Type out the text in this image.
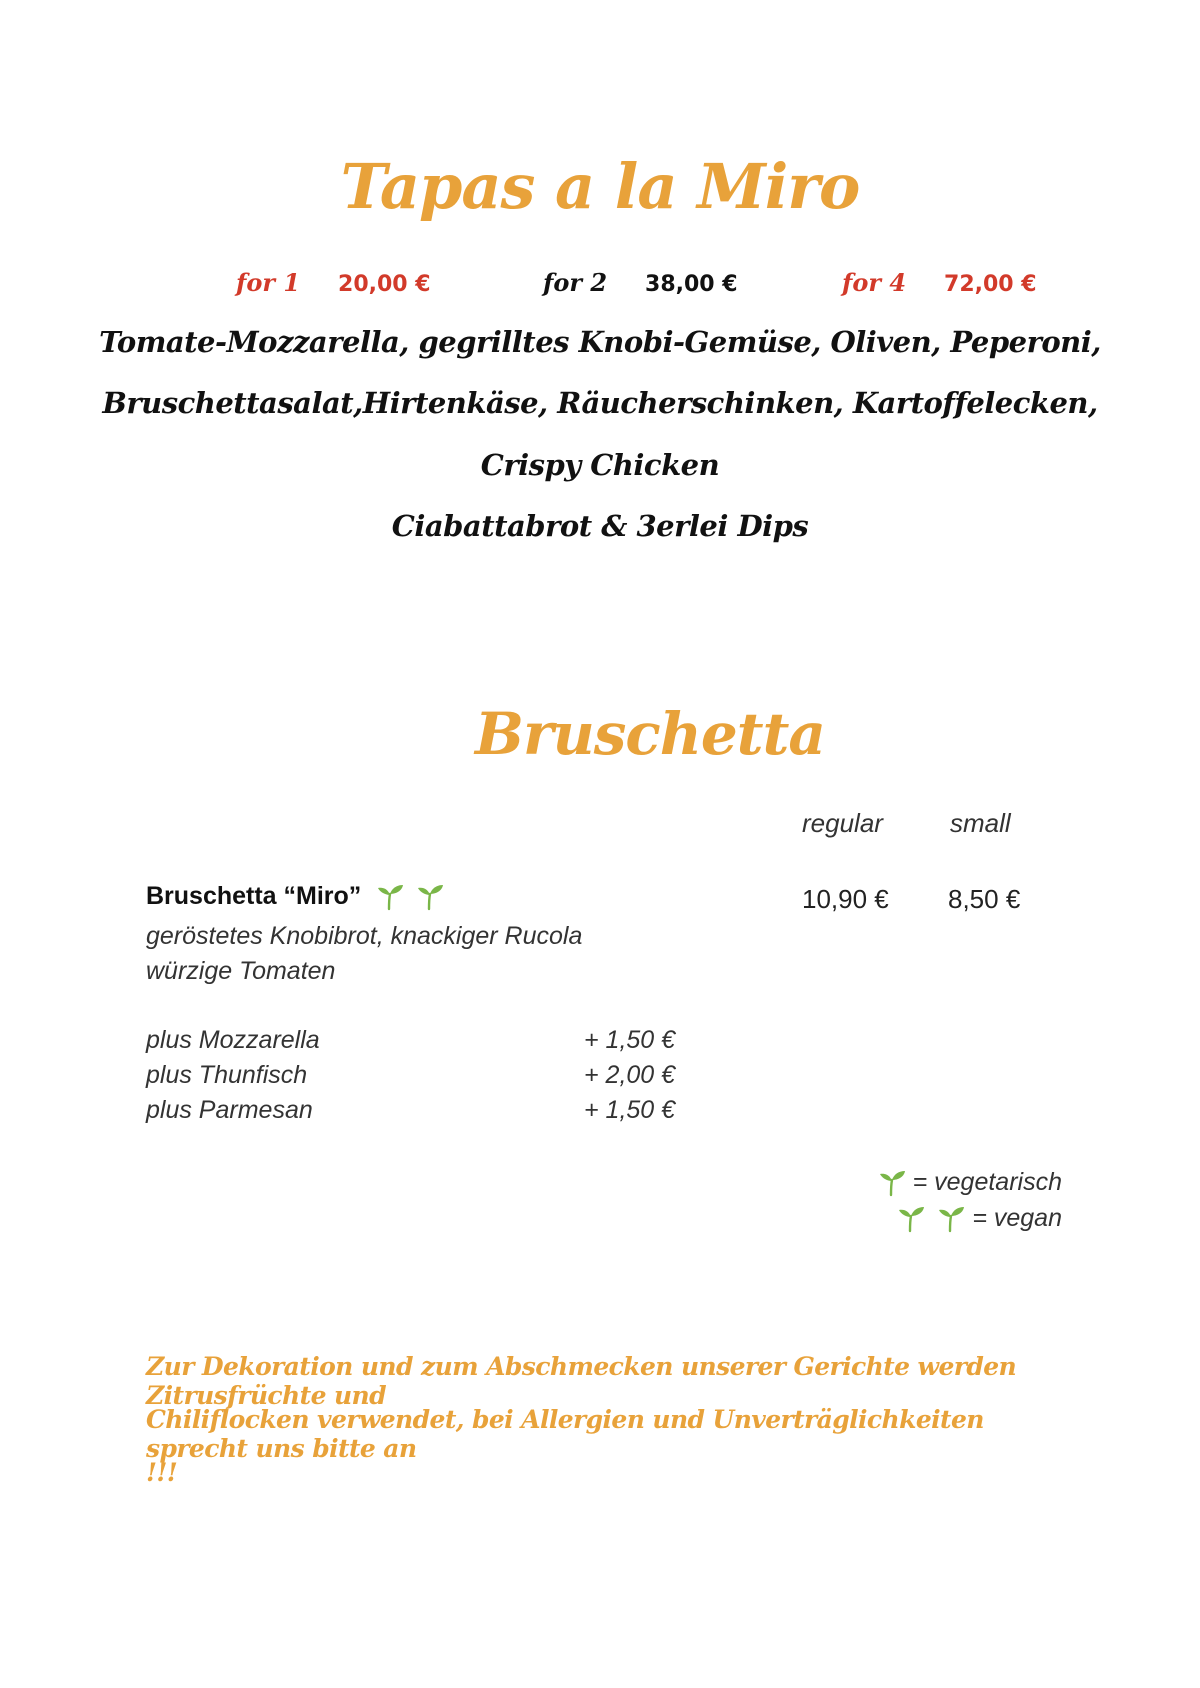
Tapas a la Miro
for 1 20,00 €	for 2 38,00 €	for 4 72,00 €
Tomate-Mozzarella, gegrilltes Knobi-Gemüse, Oliven, Peperoni,
Bruschettasalat,Hirtenkäse, Räucherschinken, Kartoffelecken,
Crispy Chicken
Ciabattabrot & 3erlei Dips
Bruschetta
regular	small
Bruschetta “Miro”	10,90 € 8,50 €
geröstetes Knobibrot, knackiger Rucola
würzige Tomaten
plus Mozzarella	+ 1,50 €
plus Thunfisch	+ 2,00 €
plus Parmesan	+ 1,50 €
= vegetarisch
= vegan
Zur Dekoration und zum Abschmecken unserer Gerichte werden Zitrusfrüchte und
Chiliflocken verwendet, bei Allergien und Unverträglichkeiten sprecht uns bitte an
!!!
